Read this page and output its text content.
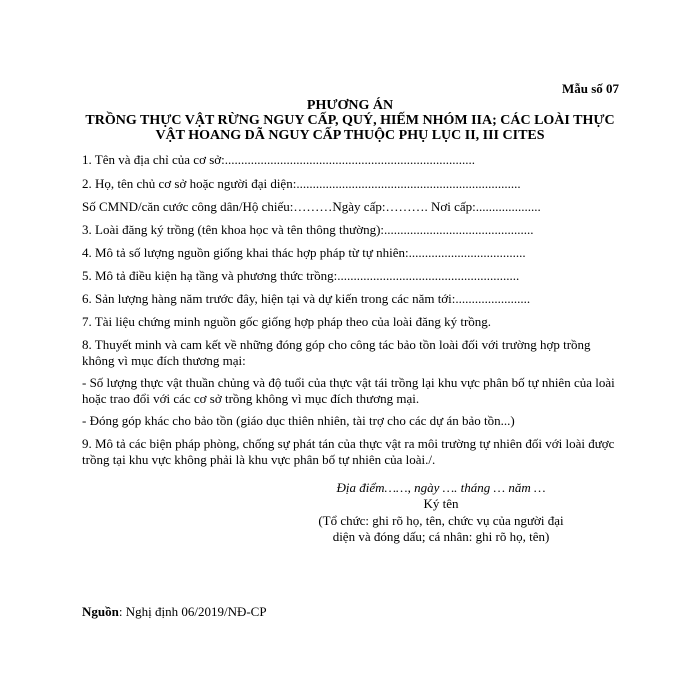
Mẫu số 07
PHƯƠNG ÁN
TRỒNG THỰC VẬT RỪNG NGUY CẤP, QUÝ, HIẾM NHÓM IIA; CÁC LOÀI THỰC
VẬT HOANG DÃ NGUY CẤP THUỘC PHỤ LỤC II, III CITES
1. Tên và địa chỉ của cơ sở:.............................................................................
2. Họ, tên chủ cơ sở hoặc người đại diện:.....................................................................
Số CMND/căn cước công dân/Hộ chiếu:………Ngày cấp:………. Nơi cấp:....................
3. Loài đăng ký trồng (tên khoa học và tên thông thường):..............................................
4. Mô tả số lượng nguồn giống khai thác hợp pháp từ tự nhiên:....................................
5. Mô tả điều kiện hạ tầng và phương thức trồng:........................................................
6. Sản lượng hàng năm trước đây, hiện tại và dự kiến trong các năm tới:.......................
7. Tài liệu chứng minh nguồn gốc giống hợp pháp theo của loài đăng ký trồng.
8. Thuyết minh và cam kết về những đóng góp cho công tác bảo tồn loài đối với trường hợp trồng không vì mục đích thương mại:
- Số lượng thực vật thuần chủng và độ tuổi của thực vật tái trồng lại khu vực phân bố tự nhiên của loài hoặc trao đổi với các cơ sở trồng không vì mục đích thương mại.
- Đóng góp khác cho bảo tồn (giáo dục thiên nhiên, tài trợ cho các dự án bảo tồn...)
9. Mô tả các biện pháp phòng, chống sự phát tán của thực vật ra môi trường tự nhiên đối với loài được trồng tại khu vực không phải là khu vực phân bố tự nhiên của loài./.
Địa điểm……, ngày …. tháng … năm …
Ký tên
(Tổ chức: ghi rõ họ, tên, chức vụ của người đại
diện và đóng dấu; cá nhân: ghi rõ họ, tên)
Nguồn: Nghị định 06/2019/NĐ-CP
